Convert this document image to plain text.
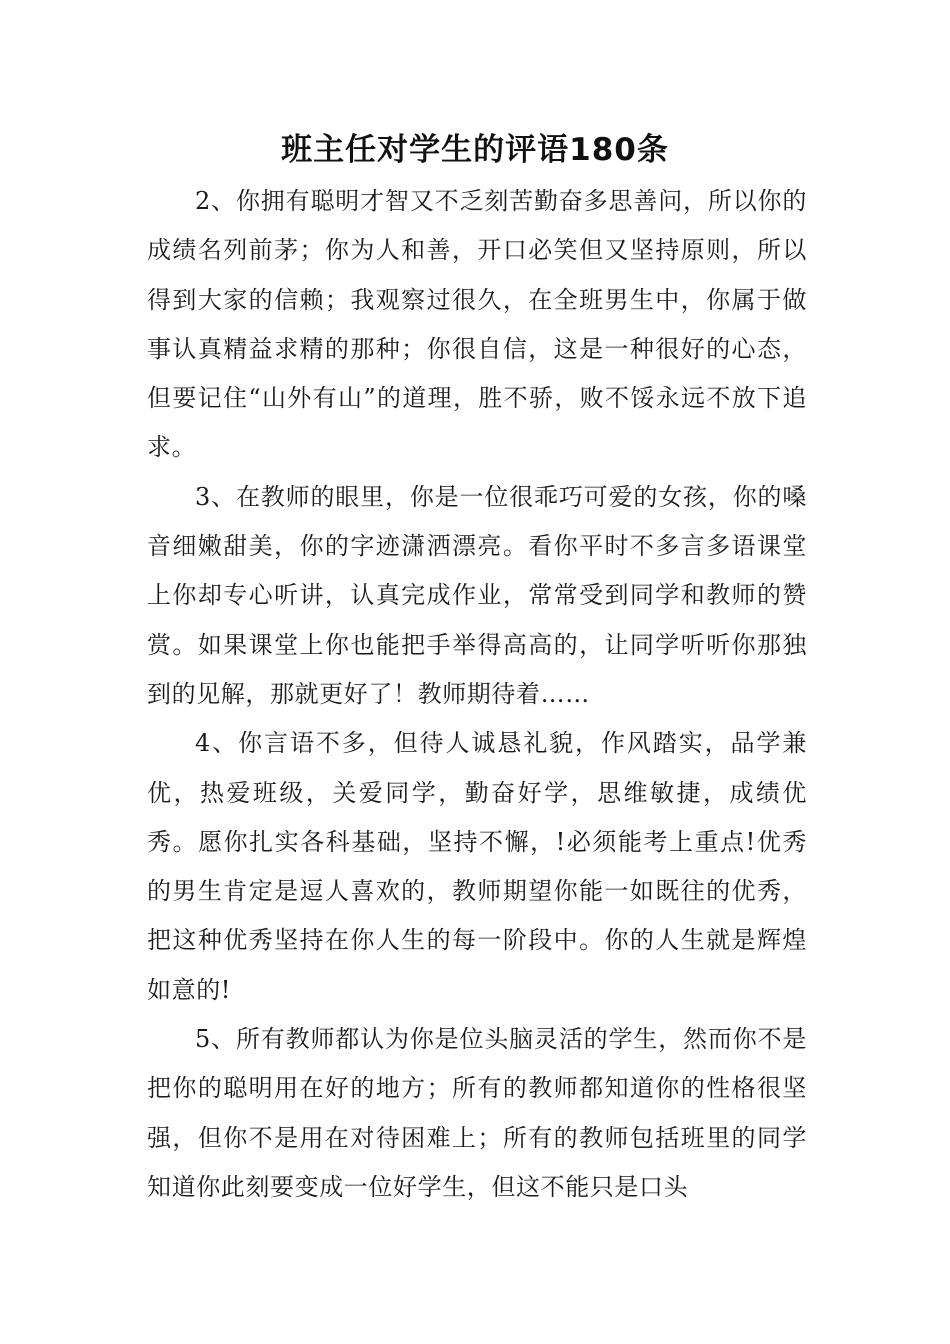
班主任对学生的评语180条

2、你拥有聪明才智又不乏刻苦勤奋多思善问，所以你的成绩名列前茅；你为人和善，开口必笑但又坚持原则，所以得到大家的信赖；我观察过很久，在全班男生中，你属于做事认真精益求精的那种；你很自信，这是一种很好的心态，但要记住“山外有山”的道理，胜不骄，败不馁永远不放下追求。

3、在教师的眼里，你是一位很乖巧可爱的女孩，你的嗓音细嫩甜美，你的字迹潇洒漂亮。看你平时不多言多语课堂上你却专心听讲，认真完成作业，常常受到同学和教师的赞赏。如果课堂上你也能把手举得高高的，让同学听听你那独到的见解，那就更好了！教师期待着……

4、你言语不多，但待人诚恳礼貌，作风踏实，品学兼优，热爱班级，关爱同学，勤奋好学，思维敏捷，成绩优秀。愿你扎实各科基础，坚持不懈，!必须能考上重点!优秀的男生肯定是逗人喜欢的，教师期望你能一如既往的优秀，把这种优秀坚持在你人生的每一阶段中。你的人生就是辉煌如意的!

5、所有教师都认为你是位头脑灵活的学生，然而你不是把你的聪明用在好的地方；所有的教师都知道你的性格很坚强，但你不是用在对待困难上；所有的教师包括班里的同学知道你此刻要变成一位好学生，但这不能只是口头
